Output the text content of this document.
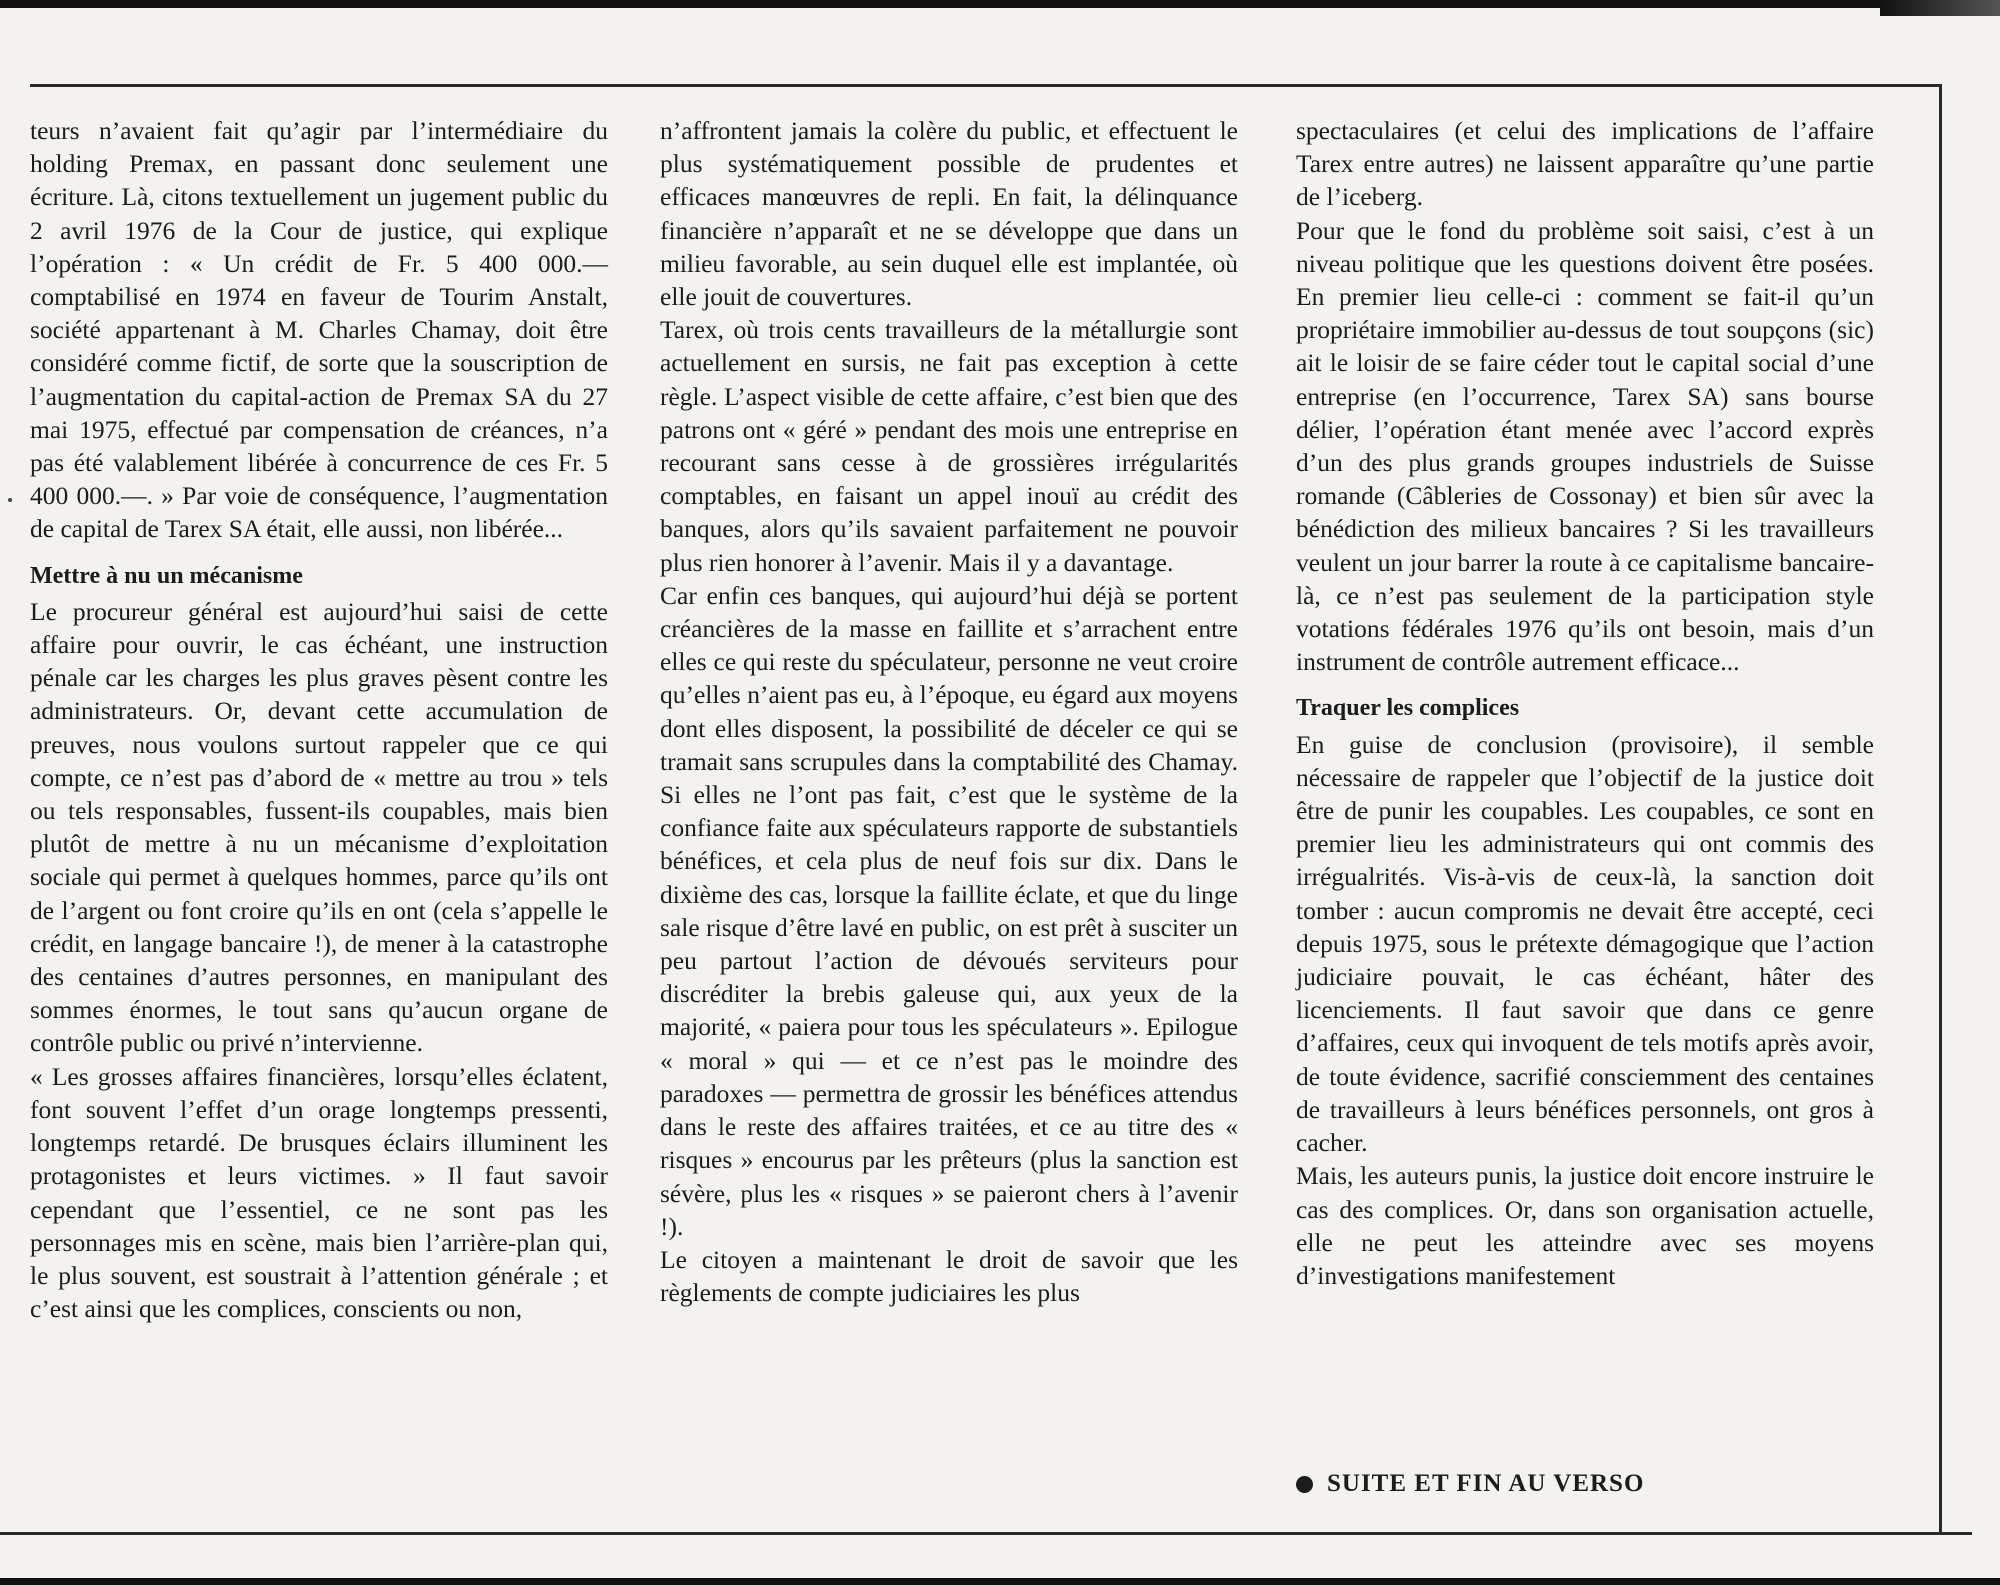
teurs n’avaient fait qu’agir par l’intermédiaire du holding Premax, en passant donc seulement une écriture. Là, citons textuellement un jugement public du 2 avril 1976 de la Cour de justice, qui explique l’opération : « Un crédit de Fr. 5 400 000.— comptabilisé en 1974 en faveur de Tourim Anstalt, société appartenant à M. Charles Chamay, doit être considéré comme fictif, de sorte que la souscription de l’augmentation du capital-action de Premax SA du 27 mai 1975, effectué par compensation de créances, n’a pas été valablement libérée à concurrence de ces Fr. 5 400 000.—. » Par voie de conséquence, l’augmentation de capital de Tarex SA était, elle aussi, non libérée...

Mettre à nu un mécanisme

Le procureur général est aujourd’hui saisi de cette affaire pour ouvrir, le cas échéant, une instruction pénale car les charges les plus graves pèsent contre les administrateurs. Or, devant cette accumulation de preuves, nous voulons surtout rappeler que ce qui compte, ce n’est pas d’abord de « mettre au trou » tels ou tels responsables, fussent-ils coupables, mais bien plutôt de mettre à nu un mécanisme d’exploitation sociale qui permet à quelques hommes, parce qu’ils ont de l’argent ou font croire qu’ils en ont (cela s’appelle le crédit, en langage bancaire !), de mener à la catastrophe des centaines d’autres personnes, en manipulant des sommes énormes, le tout sans qu’aucun organe de contrôle public ou privé n’intervienne.

« Les grosses affaires financières, lorsqu’elles éclatent, font souvent l’effet d’un orage longtemps pressenti, longtemps retardé. De brusques éclairs illuminent les protagonistes et leurs victimes. » Il faut savoir cependant que l’essentiel, ce ne sont pas les personnages mis en scène, mais bien l’arrière-plan qui, le plus souvent, est soustrait à l’attention générale ; et c’est ainsi que les complices, conscients ou non,

n’affrontent jamais la colère du public, et effectuent le plus systématiquement possible de prudentes et efficaces manœuvres de repli. En fait, la délinquance financière n’apparaît et ne se développe que dans un milieu favorable, au sein duquel elle est implantée, où elle jouit de couvertures.

Tarex, où trois cents travailleurs de la métallurgie sont actuellement en sursis, ne fait pas exception à cette règle. L’aspect visible de cette affaire, c’est bien que des patrons ont « géré » pendant des mois une entreprise en recourant sans cesse à de grossières irrégularités comptables, en faisant un appel inouï au crédit des banques, alors qu’ils savaient parfaitement ne pouvoir plus rien honorer à l’avenir. Mais il y a davantage.

Car enfin ces banques, qui aujourd’hui déjà se portent créancières de la masse en faillite et s’arrachent entre elles ce qui reste du spéculateur, personne ne veut croire qu’elles n’aient pas eu, à l’époque, eu égard aux moyens dont elles disposent, la possibilité de déceler ce qui se tramait sans scrupules dans la comptabilité des Chamay. Si elles ne l’ont pas fait, c’est que le système de la confiance faite aux spéculateurs rapporte de substantiels bénéfices, et cela plus de neuf fois sur dix. Dans le dixième des cas, lorsque la faillite éclate, et que du linge sale risque d’être lavé en public, on est prêt à susciter un peu partout l’action de dévoués serviteurs pour discréditer la brebis galeuse qui, aux yeux de la majorité, « paiera pour tous les spéculateurs ». Epilogue « moral » qui — et ce n’est pas le moindre des paradoxes — permettra de grossir les bénéfices attendus dans le reste des affaires traitées, et ce au titre des « risques » encourus par les prêteurs (plus la sanction est sévère, plus les « risques » se paieront chers à l’avenir !).

Le citoyen a maintenant le droit de savoir que les règlements de compte judiciaires les plus

spectaculaires (et celui des implications de l’affaire Tarex entre autres) ne laissent apparaître qu’une partie de l’iceberg.

Pour que le fond du problème soit saisi, c’est à un niveau politique que les questions doivent être posées. En premier lieu celle-ci : comment se fait-il qu’un propriétaire immobilier au-dessus de tout soupçons (sic) ait le loisir de se faire céder tout le capital social d’une entreprise (en l’occurrence, Tarex SA) sans bourse délier, l’opération étant menée avec l’accord exprès d’un des plus grands groupes industriels de Suisse romande (Câbleries de Cossonay) et bien sûr avec la bénédiction des milieux bancaires ? Si les travailleurs veulent un jour barrer la route à ce capitalisme bancaire-là, ce n’est pas seulement de la participation style votations fédérales 1976 qu’ils ont besoin, mais d’un instrument de contrôle autrement efficace...

Traquer les complices

En guise de conclusion (provisoire), il semble nécessaire de rappeler que l’objectif de la justice doit être de punir les coupables. Les coupables, ce sont en premier lieu les administrateurs qui ont commis des irrégualrités. Vis-à-vis de ceux-là, la sanction doit tomber : aucun compromis ne devait être accepté, ceci depuis 1975, sous le prétexte démagogique que l’action judiciaire pouvait, le cas échéant, hâter des licenciements. Il faut savoir que dans ce genre d’affaires, ceux qui invoquent de tels motifs après avoir, de toute évidence, sacrifié consciemment des centaines de travailleurs à leurs bénéfices personnels, ont gros à cacher.

Mais, les auteurs punis, la justice doit encore instruire le cas des complices. Or, dans son organisation actuelle, elle ne peut les atteindre avec ses moyens d’investigations manifestement

SUITE ET FIN AU VERSO
